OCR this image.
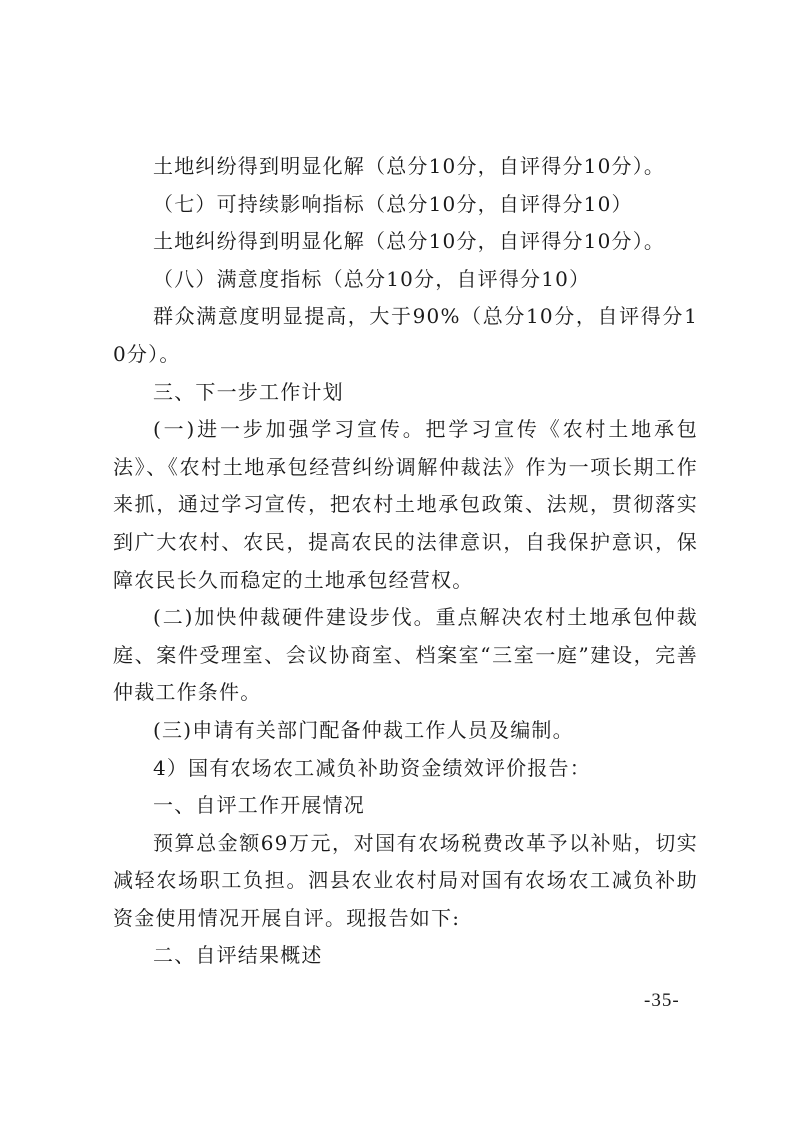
土地纠纷得到明显化解（总分10分，自评得分10分）。

（七）可持续影响指标（总分10分，自评得分10）

土地纠纷得到明显化解（总分10分，自评得分10分）。

（八）满意度指标（总分10分，自评得分10）

群众满意度明显提高，大于90%（总分10分，自评得分10分）。

三、下一步工作计划

(一)进一步加强学习宣传。把学习宣传《农村土地承包法》、《农村土地承包经营纠纷调解仲裁法》作为一项长期工作来抓，通过学习宣传，把农村土地承包政策、法规，贯彻落实到广大农村、农民，提高农民的法律意识，自我保护意识，保障农民长久而稳定的土地承包经营权。

(二)加快仲裁硬件建设步伐。重点解决农村土地承包仲裁庭、案件受理室、会议协商室、档案室“三室一庭”建设，完善仲裁工作条件。

(三)申请有关部门配备仲裁工作人员及编制。

4）国有农场农工减负补助资金绩效评价报告：

一、自评工作开展情况

预算总金额69万元，对国有农场税费改革予以补贴，切实减轻农场职工负担。泗县农业农村局对国有农场农工减负补助资金使用情况开展自评。现报告如下:

二、自评结果概述

-35-
